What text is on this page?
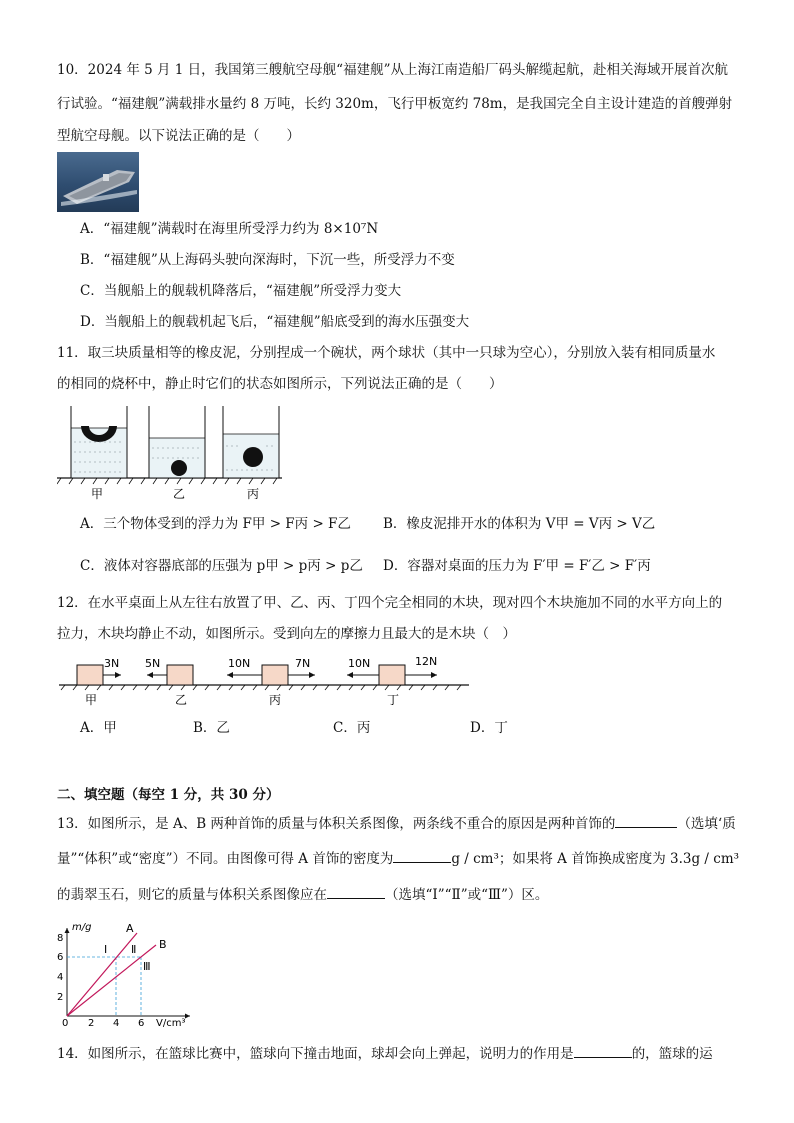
10．2024 年 5 月 1 日，我国第三艘航空母舰“福建舰”从上海江南造船厂码头解缆起航，赴相关海域开展首次航
行试验。“福建舰”满载排水量约 8 万吨，长约 320m，飞行甲板宽约 78m，是我国完全自主设计建造的首艘弹射
型航空母舰。以下说法正确的是（　　）
A．“福建舰”满载时在海里所受浮力约为 8×10⁷N
B．“福建舰”从上海码头驶向深海时，下沉一些，所受浮力不变
C．当舰船上的舰载机降落后，“福建舰”所受浮力变大
D．当舰船上的舰载机起飞后，“福建舰”船底受到的海水压强变大
11．取三块质量相等的橡皮泥，分别捏成一个碗状，两个球状（其中一只球为空心），分别放入装有相同质量水
的相同的烧杯中，静止时它们的状态如图所示，下列说法正确的是（　　）
甲	乙	丙
A．三个物体受到的浮力为 F甲 > F丙 > F乙 B．橡皮泥排开水的体积为 V甲 = V丙 > V乙
C．液体对容器底部的压强为 p甲 > p丙 > p乙 D．容器对桌面的压力为 F′甲 = F′乙 > F′丙
12．在水平桌面上从左往右放置了甲、乙、丙、丁四个完全相同的木块，现对四个木块施加不同的水平方向上的
拉力，木块均静止不动，如图所示。受到向左的摩擦力且最大的是木块（　）
3N 5N	10N	7N	10N	12N
甲	乙	丙	丁
A．甲	B．乙	C．丙	D．丁
二、填空题（每空 1 分，共 30 分）
13．如图所示，是 A、B 两种首饰的质量与体积关系图像，两条线不重合的原因是两种首饰的	（选填‘质
量”“体积”或“密度”）不同。由图像可得 A 首饰的密度为	g / cm³；如果将 A 首饰换成密度为 3.3g / cm³
的翡翠玉石，则它的质量与体积关系图像应在	（选填“Ⅰ”“Ⅱ”或“Ⅲ”）区。
A
B
Ⅰ Ⅱ
Ⅲ
m/g
V/cm³
8
6
4
2
0 2 4 6
14．如图所示，在篮球比赛中，篮球向下撞击地面，球却会向上弹起，说明力的作用是	的，篮球的运
